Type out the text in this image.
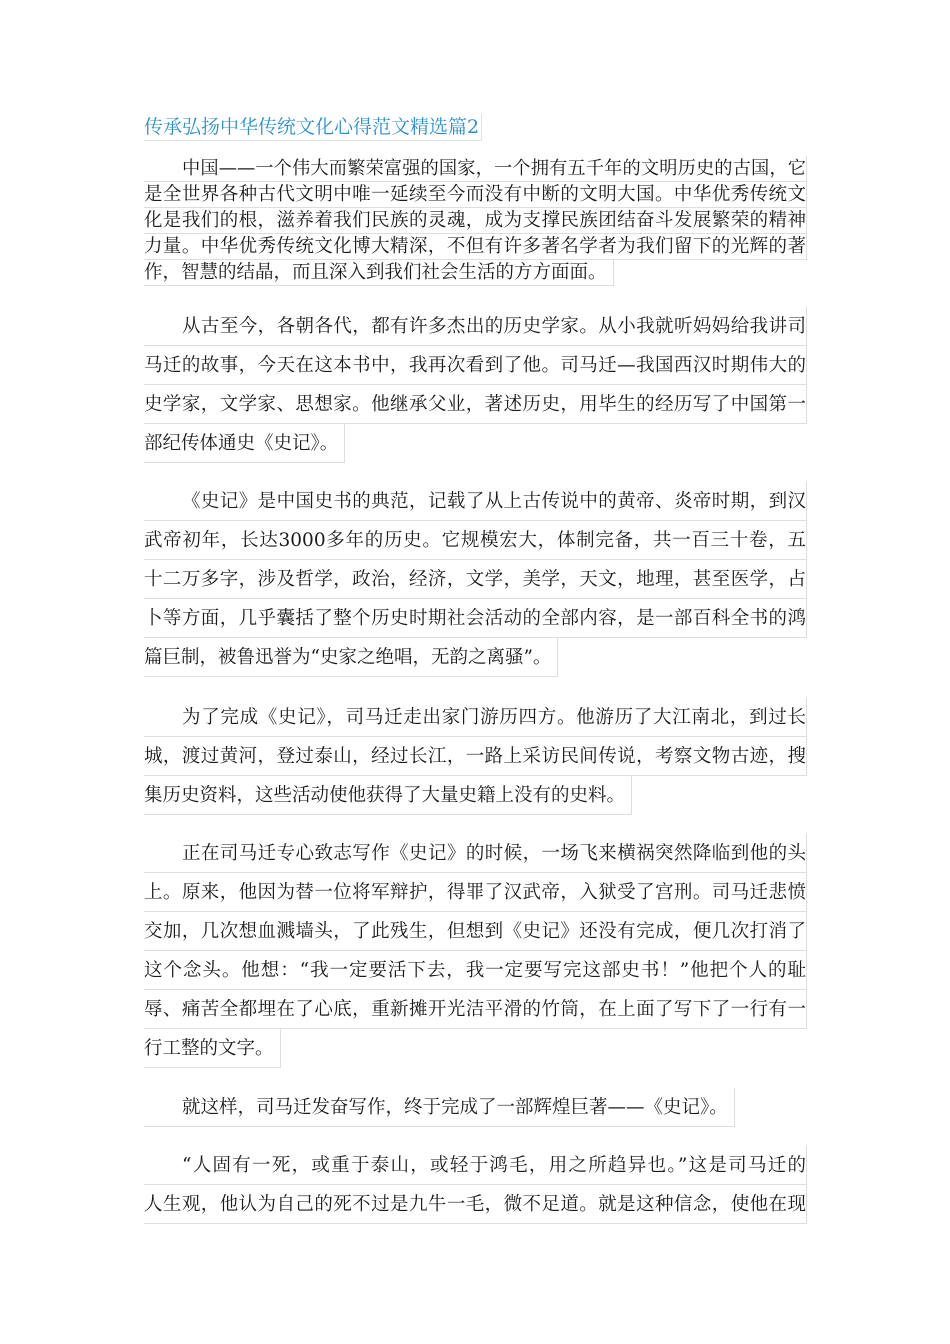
传承弘扬中华传统文化心得范文精选篇2
中国——一个伟大而繁荣富强的国家，一个拥有五千年的文明历史的古国，它
是全世界各种古代文明中唯一延续至今而没有中断的文明大国。中华优秀传统文
化是我们的根，滋养着我们民族的灵魂，成为支撑民族团结奋斗发展繁荣的精神
力量。中华优秀传统文化博大精深，不但有许多著名学者为我们留下的光辉的著
作，智慧的结晶，而且深入到我们社会生活的方方面面。
从古至今，各朝各代，都有许多杰出的历史学家。从小我就听妈妈给我讲司
马迁的故事，今天在这本书中，我再次看到了他。司马迁—我国西汉时期伟大的
史学家，文学家、思想家。他继承父业，著述历史，用毕生的经历写了中国第一
部纪传体通史《史记》。
《史记》是中国史书的典范，记载了从上古传说中的黄帝、炎帝时期，到汉
武帝初年，长达3000多年的历史。它规模宏大，体制完备，共一百三十卷，五
十二万多字，涉及哲学，政治，经济，文学，美学，天文，地理，甚至医学，占
卜等方面，几乎囊括了整个历史时期社会活动的全部内容，是一部百科全书的鸿
篇巨制，被鲁迅誉为“史家之绝唱，无韵之离骚”。
为了完成《史记》，司马迁走出家门游历四方。他游历了大江南北，到过长
城，渡过黄河，登过泰山，经过长江，一路上采访民间传说，考察文物古迹，搜
集历史资料，这些活动使他获得了大量史籍上没有的史料。
正在司马迁专心致志写作《史记》的时候，一场飞来横祸突然降临到他的头
上。原来，他因为替一位将军辩护，得罪了汉武帝，入狱受了宫刑。司马迁悲愤
交加，几次想血溅墙头，了此残生，但想到《史记》还没有完成，便几次打消了
这个念头。他想：“我一定要活下去，我一定要写完这部史书！”他把个人的耻
辱、痛苦全都埋在了心底，重新摊开光洁平滑的竹筒，在上面了写下了一行有一
行工整的文字。
就这样，司马迁发奋写作，终于完成了一部辉煌巨著——《史记》。
“人固有一死，或重于泰山，或轻于鸿毛，用之所趋异也。”这是司马迁的
人生观，他认为自己的死不过是九牛一毛，微不足道。就是这种信念，使他在现
